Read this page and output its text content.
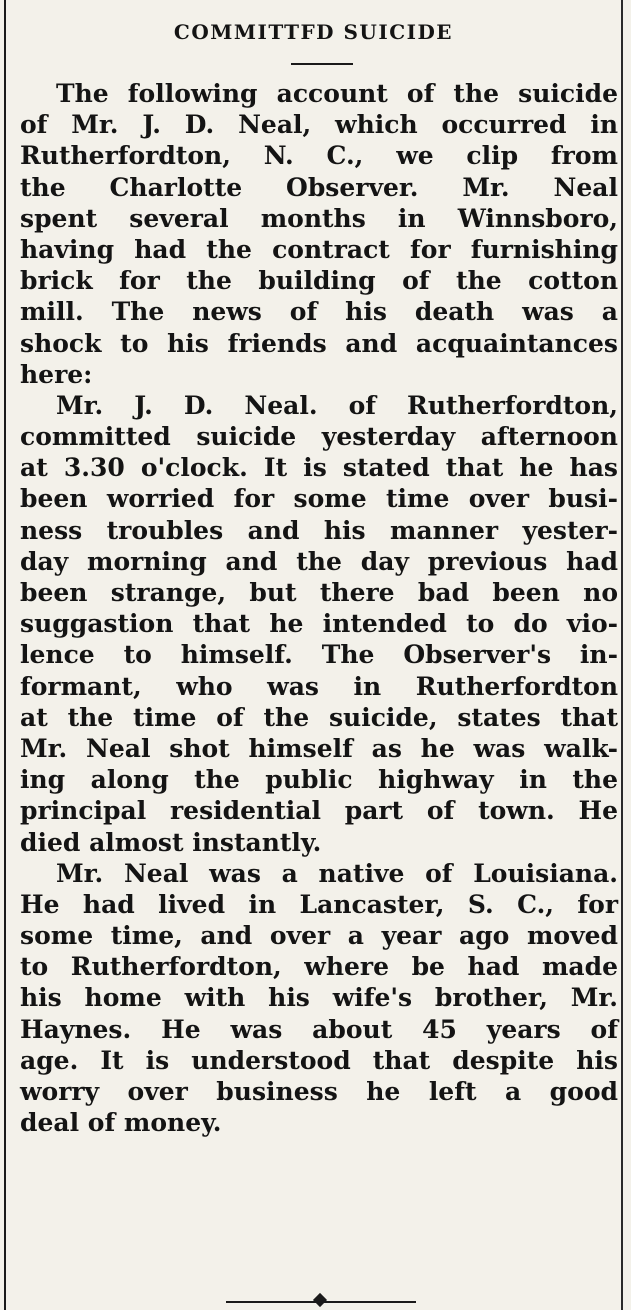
COMMITTFD SUICIDE
The following account of the suicide
of Mr. J. D. Neal, which occurred in
Rutherfordton, N. C., we clip from
the Charlotte Observer. Mr. Neal
spent several months in Winnsboro,
having had the contract for furnishing
brick for the building of the cotton
mill. The news of his death was a
shock to his friends and acquaintances
here:
Mr. J. D. Neal. of Rutherfordton,
committed suicide yesterday afternoon
at 3.30 o'clock. It is stated that he has
been worried for some time over busi-
ness troubles and his manner yester-
day morning and the day previous had
been strange, but there bad been no
suggastion that he intended to do vio-
lence to himself. The Observer's in-
formant, who was in Rutherfordton
at the time of the suicide, states that
Mr. Neal shot himself as he was walk-
ing along the public highway in the
principal residential part of town. He
died almost instantly.
Mr. Neal was a native of Louisiana.
He had lived in Lancaster, S. C., for
some time, and over a year ago moved
to Rutherfordton, where be had made
his home with his wife's brother, Mr.
Haynes. He was about 45 years of
age. It is understood that despite his
worry over business he left a good
deal of money.
